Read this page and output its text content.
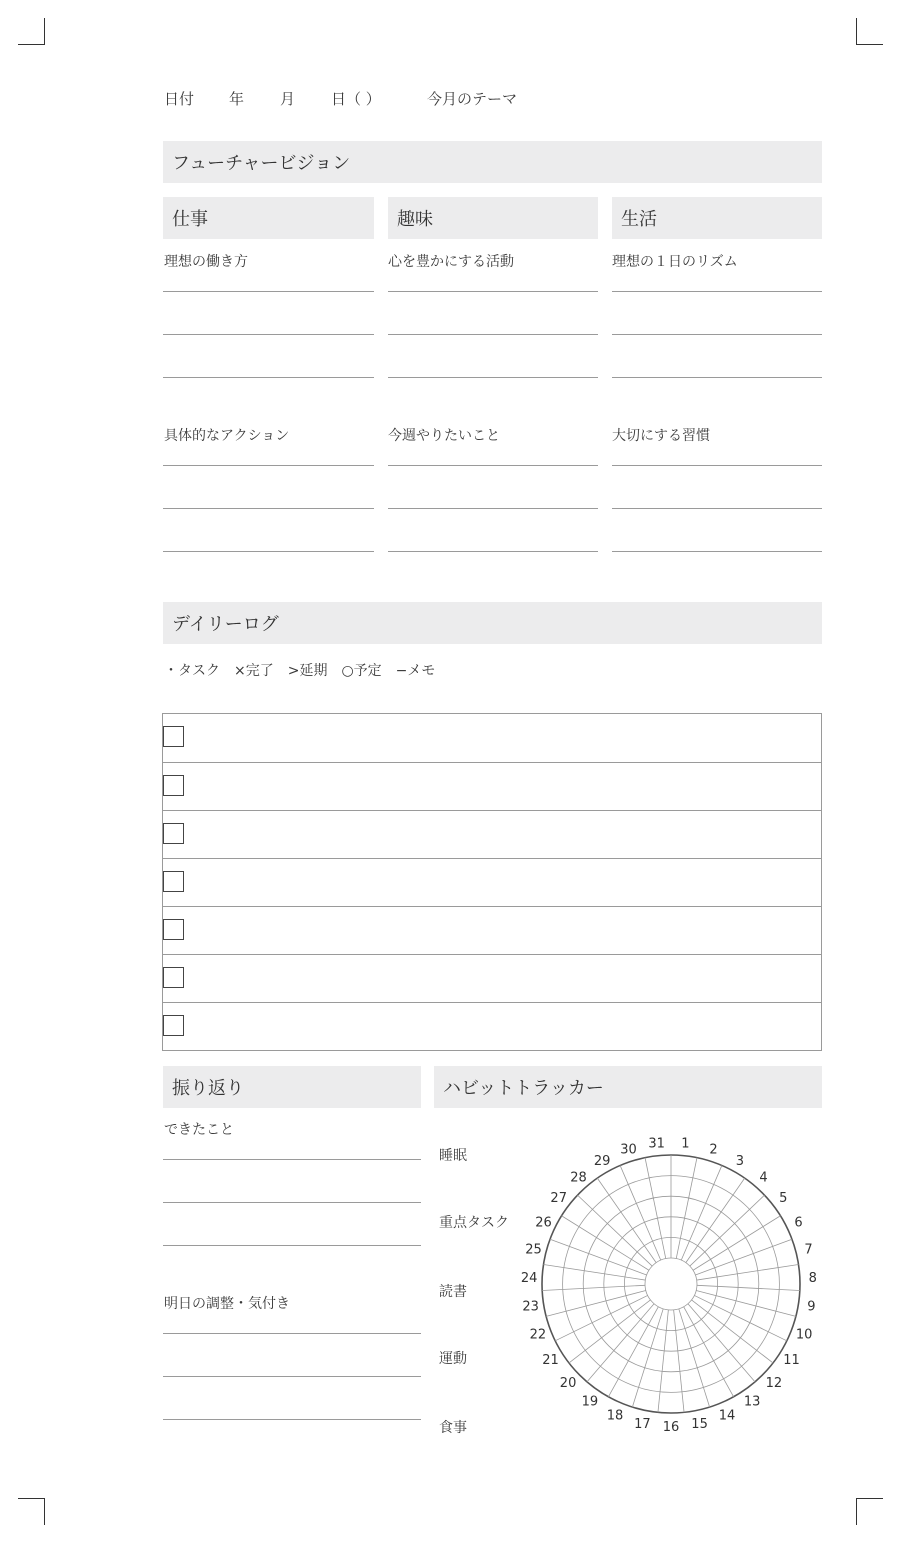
日付 年 月 日（ ）	今月のテーマ
フューチャービジョン
仕事
理想の働き方
具体的なアクション
趣味
心を豊かにする活動
今週やりたいこと
生活
理想の１日のリズム
大切にする習慣
デイリーログ
・タスク　×完了　>延期　○予定　−メモ
振り返り
できたこと
明日の調整・気付き
ハビットトラッカー
睡眠
重点タスク
読書
運動
食事
1 2
3
4
5
6
7
8
9
10
11
12
13
14
15
16
17
18
19
20
21
22
23
24
25
26
27
28
29
30 31
